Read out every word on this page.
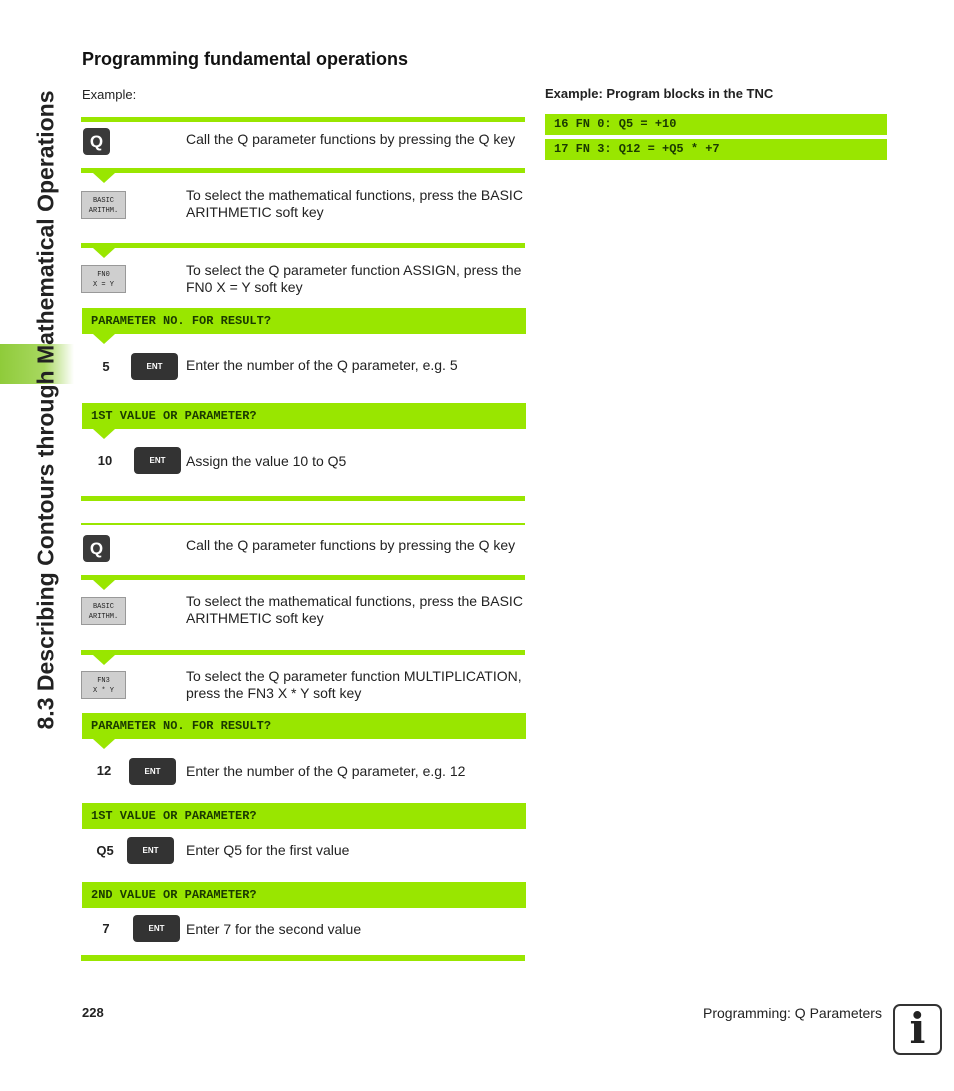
8.3 Describing Contours through Mathematical Operations
Programming fundamental operations
Example:	Example: Program blocks in the TNC
16 FN 0: Q5 = +10
17 FN 3: Q12 = +Q5 * +7
Q	Call the Q parameter functions by pressing the Q key
BASIC
ARITHM.
To select the mathematical functions, press the BASIC ARITHMETIC soft key
FN0
X = Y
To select the Q parameter function ASSIGN, press the FN0 X = Y soft key
PARAMETER NO. FOR RESULT?
5	ENT	Enter the number of the Q parameter, e.g. 5
1ST VALUE OR PARAMETER?
10	ENT	Assign the value 10 to Q5
Q	Call the Q parameter functions by pressing the Q key
BASIC
ARITHM.
To select the mathematical functions, press the BASIC ARITHMETIC soft key
FN3
X * Y
To select the Q parameter function MULTIPLICATION, press the FN3 X * Y soft key
PARAMETER NO. FOR RESULT?
12	ENT	Enter the number of the Q parameter, e.g. 12
1ST VALUE OR PARAMETER?
Q5	ENT	Enter Q5 for the first value
2ND VALUE OR PARAMETER?
7	ENT	Enter 7 for the second value
228	Programming: Q Parameters i
